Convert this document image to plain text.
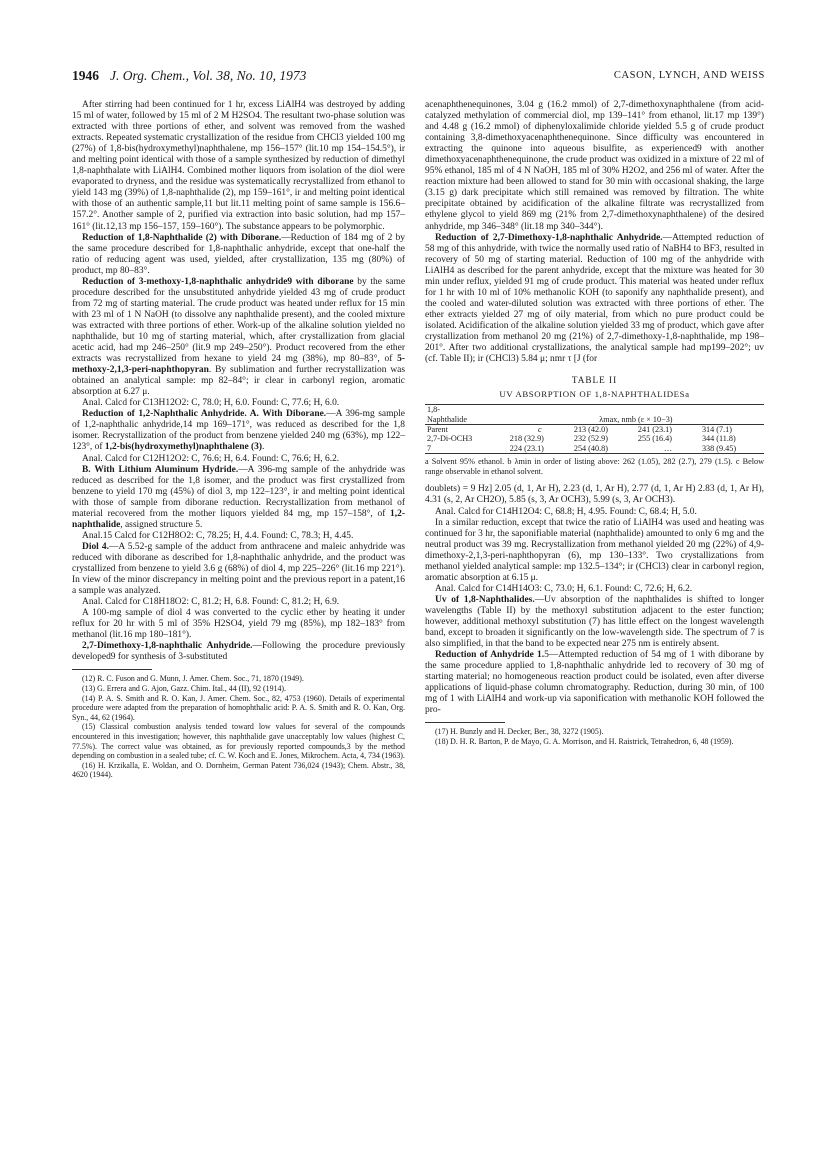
1946 J. Org. Chem., Vol. 38, No. 10, 1973	CASON, LYNCH, AND WEISS

After stirring had been continued for 1 hr, excess LiAlH4 was destroyed by adding 15 ml of water, followed by 15 ml of 2 M H2SO4. The resultant two-phase solution was extracted with three portions of ether, and solvent was removed from the washed extracts. Repeated systematic crystallization of the residue from CHCl3 yielded 100 mg (27%) of 1,8-bis(hydroxymethyl)naphthalene, mp 156–157° (lit.10 mp 154–154.5°), ir and melting point identical with those of a sample synthesized by reduction of dimethyl 1,8-naphthalate with LiAlH4. Combined mother liquors from isolation of the diol were evaporated to dryness, and the residue was systematically recrystallized from ethanol to yield 143 mg (39%) of 1,8-naphthalide (2), mp 159–161°, ir and melting point identical with those of an authentic sample,11 but lit.11 melting point of same sample is 156.6–157.2°. Another sample of 2, purified via extraction into basic solution, had mp 157–161° (lit.12,13 mp 156–157, 159–160°). The substance appears to be polymorphic.

Reduction of 1,8-Naphthalide (2) with Diborane.—Reduction of 184 mg of 2 by the same procedure described for 1,8-naphthalic anhydride, except that one-half the ratio of reducing agent was used, yielded, after crystallization, 135 mg (80%) of product, mp 80–83°.

Reduction of 3-methoxy-1,8-naphthalic anhydride9 with diborane by the same procedure described for the unsubstituted anhydride yielded 43 mg of crude product from 72 mg of starting material. The crude product was heated under reflux for 15 min with 23 ml of 1 N NaOH (to dissolve any naphthalide present), and the cooled mixture was extracted with three portions of ether. Work-up of the alkaline solution yielded no naphthalide, but 10 mg of starting material, which, after crystallization from glacial acetic acid, had mp 246–250° (lit.9 mp 249–250°). Product recovered from the ether extracts was recrystallized from hexane to yield 24 mg (38%), mp 80–83°, of 5-methoxy-2,1,3-peri-naphthopyran. By sublimation and further recrystallization was obtained an analytical sample: mp 82–84°; ir clear in carbonyl region, aromatic absorption at 6.27 μ.

Anal. Calcd for C13H12O2: C, 78.0; H, 6.0. Found: C, 77.6; H, 6.0.

Reduction of 1,2-Naphthalic Anhydride. A. With Diborane.—A 396-mg sample of 1,2-naphthalic anhydride,14 mp 169–171°, was reduced as described for the 1,8 isomer. Recrystallization of the product from benzene yielded 240 mg (63%), mp 122–123°, of 1,2-bis(hydroxymethyl)naphthalene (3).

Anal. Calcd for C12H12O2: C, 76.6; H, 6.4. Found: C, 76.6; H, 6.2.

B. With Lithium Aluminum Hydride.—A 396-mg sample of the anhydride was reduced as described for the 1,8 isomer, and the product was first crystallized from benzene to yield 170 mg (45%) of diol 3, mp 122–123°, ir and melting point identical with those of sample from diborane reduction. Recrystallization from methanol of material recovered from the mother liquors yielded 84 mg, mp 157–158°, of 1,2-naphthalide, assigned structure 5.

Anal.15 Calcd for C12H8O2: C, 78.25; H, 4.4. Found: C, 78.3; H, 4.45.

Diol 4.—A 5.52-g sample of the adduct from anthracene and maleic anhydride was reduced with diborane as described for 1,8-naphthalic anhydride, and the product was crystallized from benzene to yield 3.6 g (68%) of diol 4, mp 225–226° (lit.16 mp 221°). In view of the minor discrepancy in melting point and the previous report in a patent,16 a sample was analyzed.

Anal. Calcd for C18H18O2: C, 81.2; H, 6.8. Found: C, 81.2; H, 6.9.

A 100-mg sample of diol 4 was converted to the cyclic ether by heating it under reflux for 20 hr with 5 ml of 35% H2SO4, yield 79 mg (85%), mp 182–183° from methanol (lit.16 mp 180–181°).

2,7-Dimethoxy-1,8-naphthalic Anhydride.—Following the procedure previously developed9 for synthesis of 3-substituted

(12) R. C. Fuson and G. Munn, J. Amer. Chem. Soc., 71, 1870 (1949).

(13) G. Errera and G. Ajon, Gazz. Chim. Ital., 44 (II), 92 (1914).

(14) P. A. S. Smith and R. O. Kan, J. Amer. Chem. Soc., 82, 4753 (1960). Details of experimental procedure were adapted from the preparation of homophthalic acid: P. A. S. Smith and R. O. Kan, Org. Syn., 44, 62 (1964).

(15) Classical combustion analysis tended toward low values for several of the compounds encountered in this investigation; however, this naphthalide gave unacceptably low values (highest C, 77.5%). The correct value was obtained, as for previously reported compounds,3 by the method depending on combustion in a sealed tube; cf. C. W. Koch and E. Jones, Mikrochem. Acta, 4, 734 (1963).

(16) H. Krzikalla, E. Woldan, and O. Dornheim, German Patent 736,024 (1943); Chem. Abstr., 38, 4620 (1944).

acenaphthenequinones, 3.04 g (16.2 mmol) of 2,7-dimethoxynaphthalene (from acid-catalyzed methylation of commercial diol, mp 139–141° from ethanol, lit.17 mp 139°) and 4.48 g (16.2 mmol) of diphenyloxalimide chloride yielded 5.5 g of crude product containing 3,8-dimethoxyacenaphthenequinone. Since difficulty was encountered in extracting the quinone into aqueous bisulfite, as experienced9 with another dimethoxyacenaphthenequinone, the crude product was oxidized in a mixture of 22 ml of 95% ethanol, 185 ml of 4 N NaOH, 185 ml of 30% H2O2, and 256 ml of water. After the reaction mixture had been allowed to stand for 30 min with occasional shaking, the large (3.15 g) dark precipitate which still remained was removed by filtration. The white precipitate obtained by acidification of the alkaline filtrate was recrystallized from ethylene glycol to yield 869 mg (21% from 2,7-dimethoxynaphthalene) of the desired anhydride, mp 346–348° (lit.18 mp 340–344°).

Reduction of 2,7-Dimethoxy-1,8-naphthalic Anhydride.—Attempted reduction of 58 mg of this anhydride, with twice the normally used ratio of NaBH4 to BF3, resulted in recovery of 50 mg of starting material. Reduction of 100 mg of the anhydride with LiAlH4 as described for the parent anhydride, except that the mixture was heated for 30 min under reflux, yielded 91 mg of crude product. This material was heated under reflux for 1 hr with 10 ml of 10% methanolic KOH (to saponify any naphthalide present), and the cooled and water-diluted solution was extracted with three portions of ether. The ether extracts yielded 27 mg of oily material, from which no pure product could be isolated. Acidification of the alkaline solution yielded 33 mg of product, which gave after crystallization from methanol 20 mg (21%) of 2,7-dimethoxy-1,8-naphthalide, mp 198–201°. After two additional crystallizations, the analytical sample had mp199–202°; uv (cf. Table II); ir (CHCl3) 5.84 μ; nmr τ [J (for

TABLE II
UV ABSORPTION OF 1,8-NAPHTHALIDESa
1,8-				
Naphthalide	λmax, nmb (ε × 10−3)			
Parent	c	213 (42.0)	241 (23.1)	314 (7.1)
2,7-Di-OCH3	218 (32.9)	232 (52.9)	255 (16.4)	344 (11.8)
7	224 (23.1)	254 (40.8)	…	338 (9.45)
a Solvent 95% ethanol. b λmin in order of listing above: 262 (1.05), 282 (2.7), 279 (1.5). c Below range observable in ethanol solvent.

doublets) = 9 Hz] 2.05 (d, 1, Ar H), 2.23 (d, 1, Ar H), 2.77 (d, 1, Ar H) 2.83 (d, 1, Ar H), 4.31 (s, 2, Ar CH2O), 5.85 (s, 3, Ar OCH3), 5.99 (s, 3, Ar OCH3).

Anal. Calcd for C14H12O4: C, 68.8; H, 4.95. Found: C, 68.4; H, 5.0.

In a similar reduction, except that twice the ratio of LiAlH4 was used and heating was continued for 3 hr, the saponifiable material (naphthalide) amounted to only 6 mg and the neutral product was 39 mg. Recrystallization from methanol yielded 20 mg (22%) of 4,9-dimethoxy-2,1,3-peri-naphthopyran (6), mp 130–133°. Two crystallizations from methanol yielded analytical sample: mp 132.5–134°; ir (CHCl3) clear in carbonyl region, aromatic absorption at 6.15 μ.

Anal. Calcd for C14H14O3: C, 73.0; H, 6.1. Found: C, 72.6; H, 6.2.

Uv of 1,8-Naphthalides.—Uv absorption of the naphthalides is shifted to longer wavelengths (Table II) by the methoxyl substitution adjacent to the ester function; however, additional methoxyl substitution (7) has little effect on the longest wavelength band, except to broaden it significantly on the low-wavelength side. The spectrum of 7 is also simplified, in that the band to be expected near 275 nm is entirely absent.

Reduction of Anhydride 1.5—Attempted reduction of 54 mg of 1 with diborane by the same procedure applied to 1,8-naphthalic anhydride led to recovery of 30 mg of starting material; no homogeneous reaction product could be isolated, even after diverse applications of liquid-phase column chromatography. Reduction, during 30 min, of 100 mg of 1 with LiAlH4 and work-up via saponification with methanolic KOH followed the pro-

(17) H. Bunzly and H. Decker, Ber., 38, 3272 (1905).

(18) D. H. R. Barton, P. de Mayo, G. A. Morrison, and H. Raistrick, Tetrahedron, 6, 48 (1959).
